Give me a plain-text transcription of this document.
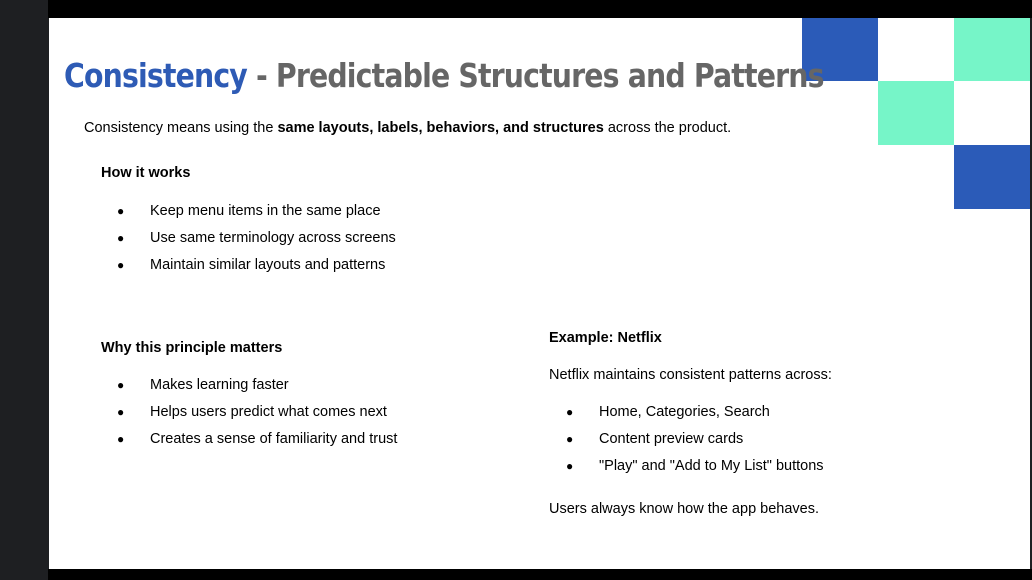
Consistency - Predictable Structures and Patterns
Consistency means using the same layouts, labels, behaviors, and structures across the product.
How it works
● Keep menu items in the same place
● Use same terminology across screens
● Maintain similar layouts and patterns
Why this principle matters
● Makes learning faster
● Helps users predict what comes next
● Creates a sense of familiarity and trust
Example: Netflix
Netflix maintains consistent patterns across:
● Home, Categories, Search
● Content preview cards
● "Play" and "Add to My List" buttons
Users always know how the app behaves.
